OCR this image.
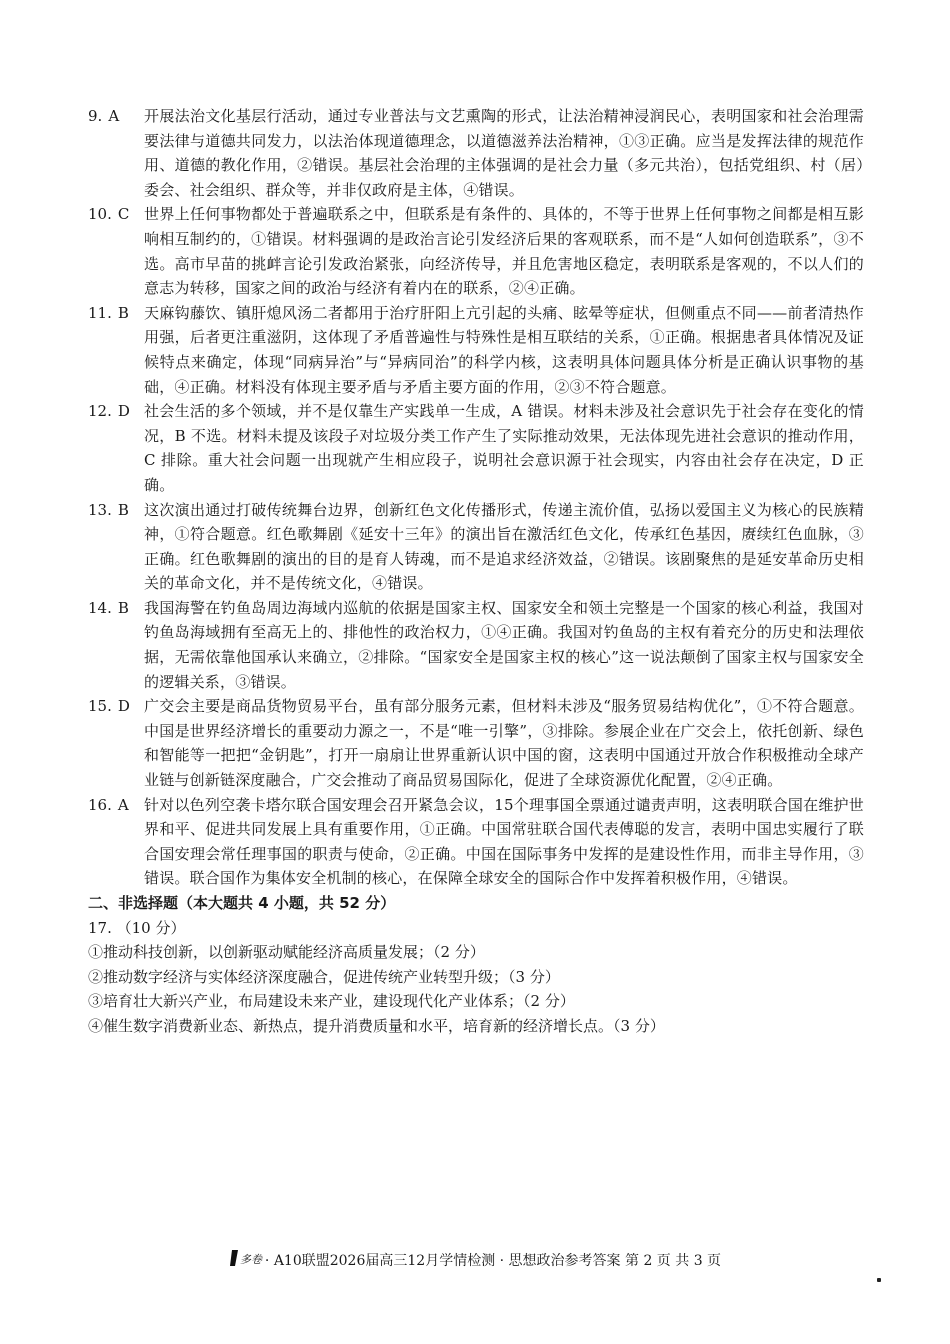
9. A	开展法治文化基层行活动，通过专业普法与文艺熏陶的形式，让法治精神浸润民心，表明国家和社会治理需要法律与道德共同发力，以法治体现道德理念，以道德滋养法治精神，①③正确。应当是发挥法律的规范作用、道德的教化作用，②错误。基层社会治理的主体强调的是社会力量（多元共治），包括党组织、村（居）委会、社会组织、群众等，并非仅政府是主体，④错误。
10. C 世界上任何事物都处于普遍联系之中，但联系是有条件的、具体的，不等于世界上任何事物之间都是相互影响相互制约的，①错误。材料强调的是政治言论引发经济后果的客观联系，而不是“人如何创造联系”，③不选。高市早苗的挑衅言论引发政治紧张，向经济传导，并且危害地区稳定，表明联系是客观的，不以人们的意志为转移，国家之间的政治与经济有着内在的联系，②④正确。
11. B	天麻钩藤饮、镇肝熄风汤二者都用于治疗肝阳上亢引起的头痛、眩晕等症状，但侧重点不同——前者清热作用强，后者更注重滋阴，这体现了矛盾普遍性与特殊性是相互联结的关系，①正确。根据患者具体情况及证候特点来确定，体现“同病异治”与“异病同治”的科学内核，这表明具体问题具体分析是正确认识事物的基础，④正确。材料没有体现主要矛盾与矛盾主要方面的作用，②③不符合题意。
12. D 社会生活的多个领域，并不是仅靠生产实践单一生成，A 错误。材料未涉及社会意识先于社会存在变化的情况，B 不选。材料未提及该段子对垃圾分类工作产生了实际推动效果，无法体现先进社会意识的推动作用，C 排除。重大社会问题一出现就产生相应段子，说明社会意识源于社会现实，内容由社会存在决定，D 正确。
13. B	这次演出通过打破传统舞台边界，创新红色文化传播形式，传递主流价值，弘扬以爱国主义为核心的民族精神，①符合题意。红色歌舞剧《延安十三年》的演出旨在激活红色文化，传承红色基因，赓续红色血脉，③正确。红色歌舞剧的演出的目的是育人铸魂，而不是追求经济效益，②错误。该剧聚焦的是延安革命历史相关的革命文化，并不是传统文化，④错误。
14. B	我国海警在钓鱼岛周边海域内巡航的依据是国家主权、国家安全和领土完整是一个国家的核心利益，我国对钓鱼岛海域拥有至高无上的、排他性的政治权力，①④正确。我国对钓鱼岛的主权有着充分的历史和法理依据，无需依靠他国承认来确立，②排除。“国家安全是国家主权的核心”这一说法颠倒了国家主权与国家安全的逻辑关系，③错误。
15. D 广交会主要是商品货物贸易平台，虽有部分服务元素，但材料未涉及“服务贸易结构优化”，①不符合题意。中国是世界经济增长的重要动力源之一，不是“唯一引擎”，③排除。参展企业在广交会上，依托创新、绿色和智能等一把把“金钥匙”，打开一扇扇让世界重新认识中国的窗，这表明中国通过开放合作积极推动全球产业链与创新链深度融合，广交会推动了商品贸易国际化，促进了全球资源优化配置，②④正确。
16. A	针对以色列空袭卡塔尔联合国安理会召开紧急会议，15个理事国全票通过谴责声明，这表明联合国在维护世界和平、促进共同发展上具有重要作用，①正确。中国常驻联合国代表傅聪的发言，表明中国忠实履行了联合国安理会常任理事国的职责与使命，②正确。中国在国际事务中发挥的是建设性作用，而非主导作用，③错误。联合国作为集体安全机制的核心，在保障全球安全的国际合作中发挥着积极作用，④错误。
二、非选择题（本大题共 4 小题，共 52 分）
17. （10 分）
①推动科技创新，以创新驱动赋能经济高质量发展；（2 分）
②推动数字经济与实体经济深度融合，促进传统产业转型升级；（3 分）
③培育壮大新兴产业，布局建设未来产业，建设现代化产业体系；（2 分）
④催生数字消费新业态、新热点，提升消费质量和水平，培育新的经济增长点。（3 分）
多卷 · A10联盟2026届高三12月学情检测 · 思想政治参考答案 第 2 页 共 3 页
